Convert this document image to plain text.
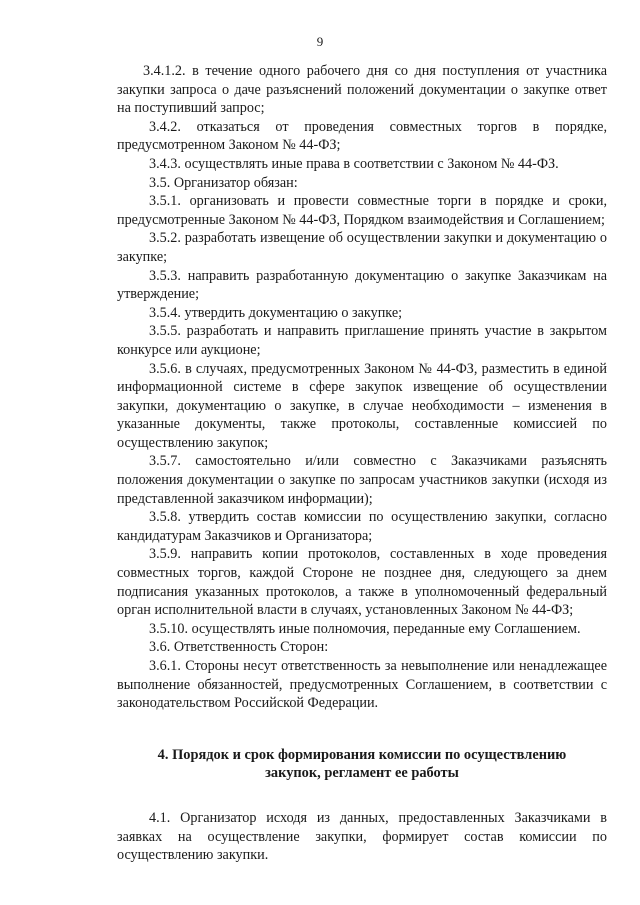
9

3.4.1.2. в течение одного рабочего дня со дня поступления от участника закупки запроса о даче разъяснений положений документации о закупке ответ на поступивший запрос;

3.4.2. отказаться от проведения совместных торгов в порядке, предусмотренном Законом № 44-ФЗ;

3.4.3. осуществлять иные права в соответствии с Законом № 44-ФЗ.

3.5. Организатор обязан:

3.5.1. организовать и провести совместные торги в порядке и сроки, предусмотренные Законом № 44-ФЗ, Порядком взаимодействия и Соглашением;

3.5.2. разработать извещение об осуществлении закупки и документацию о закупке;

3.5.3. направить разработанную документацию о закупке Заказчикам на утверждение;

3.5.4. утвердить документацию о закупке;

3.5.5. разработать и направить приглашение принять участие в закрытом конкурсе или аукционе;

3.5.6. в случаях, предусмотренных Законом № 44-ФЗ, разместить в единой информационной системе в сфере закупок извещение об осуществлении закупки, документацию о закупке, в случае необходимости – изменения в указанные документы, также протоколы, составленные комиссией по осуществлению закупок;

3.5.7. самостоятельно и/или совместно с Заказчиками разъяснять положения документации о закупке по запросам участников закупки (исходя из представленной заказчиком информации);

3.5.8. утвердить состав комиссии по осуществлению закупки, согласно кандидатурам Заказчиков и Организатора;

3.5.9. направить копии протоколов, составленных в ходе проведения совместных торгов, каждой Стороне не позднее дня, следующего за днем подписания указанных протоколов, а также в уполномоченный федеральный орган исполнительной власти в случаях, установленных Законом № 44-ФЗ;

3.5.10. осуществлять иные полномочия, переданные ему Соглашением.

3.6. Ответственность Сторон:

3.6.1. Стороны несут ответственность за невыполнение или ненадлежащее выполнение обязанностей, предусмотренных Соглашением, в соответствии с законодательством Российской Федерации.

4. Порядок и срок формирования комиссии по осуществлению закупок, регламент ее работы

4.1. Организатор исходя из данных, предоставленных Заказчиками в заявках на осуществление закупки, формирует состав комиссии по осуществлению закупки.
